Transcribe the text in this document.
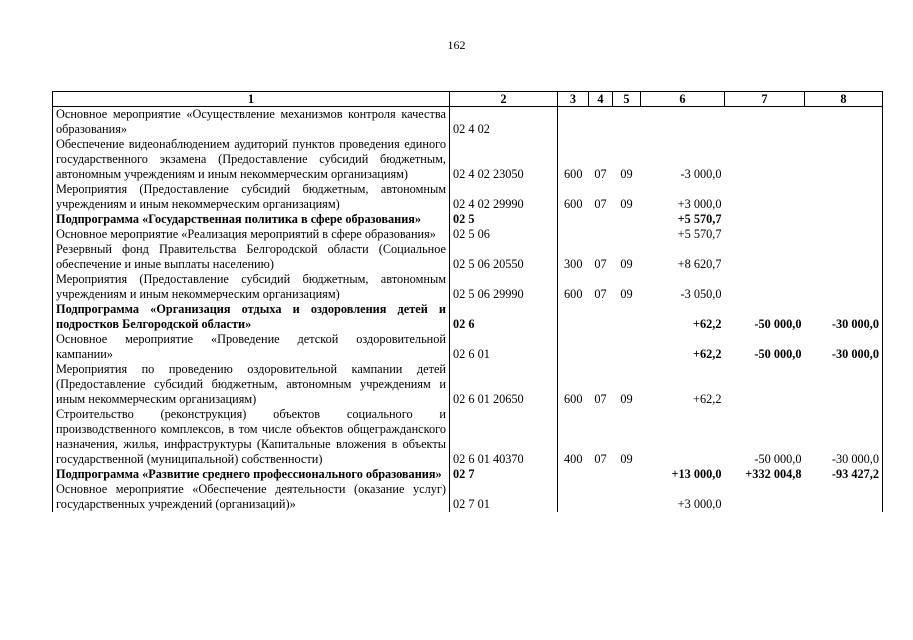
162
1	2	3	4	5	6	7	8
Основное мероприятие «Осуществление механизмов контроля качества образования»	02 4 02						
Обеспечение видеонаблюдением аудиторий пунктов проведения единого государственного экзамена (Предоставление субсидий бюджетным, автономным учреждениям и иным некоммерческим организациям)	02 4 02 23050	600	07	09	-3 000,0		
Мероприятия (Предоставление субсидий бюджетным, автономным учреждениям и иным некоммерческим организациям)	02 4 02 29990	600	07	09	+3 000,0		
Подпрограмма «Государственная политика в сфере образования»	02 5				+5 570,7		
Основное мероприятие «Реализация мероприятий в сфере образования»	02 5 06				+5 570,7		
Резервный фонд Правительства Белгородской области (Социальное обеспечение и иные выплаты населению)	02 5 06 20550	300	07	09	+8 620,7		
Мероприятия (Предоставление субсидий бюджетным, автономным учреждениям и иным некоммерческим организациям)	02 5 06 29990	600	07	09	-3 050,0		
Подпрограмма «Организация отдыха и оздоровления детей и подростков Белгородской области»	02 6				+62,2	-50 000,0	-30 000,0
Основное мероприятие «Проведение детской оздоровительной кампании»	02 6 01				+62,2	-50 000,0	-30 000,0
Мероприятия по проведению оздоровительной кампании детей (Предоставление субсидий бюджетным, автономным учреждениям и иным некоммерческим организациям)	02 6 01 20650	600	07	09	+62,2		
Строительство (реконструкция) объектов социального и производственного комплексов, в том числе объектов общегражданского назначения, жилья, инфраструктуры (Капитальные вложения в объекты государственной (муниципальной) собственности)	02 6 01 40370	400	07	09		-50 000,0	-30 000,0
Подпрограмма «Развитие среднего профессионального образования»	02 7				+13 000,0	+332 004,8	-93 427,2
Основное мероприятие «Обеспечение деятельности (оказание услуг) государственных учреждений (организаций)»	02 7 01				+3 000,0		
